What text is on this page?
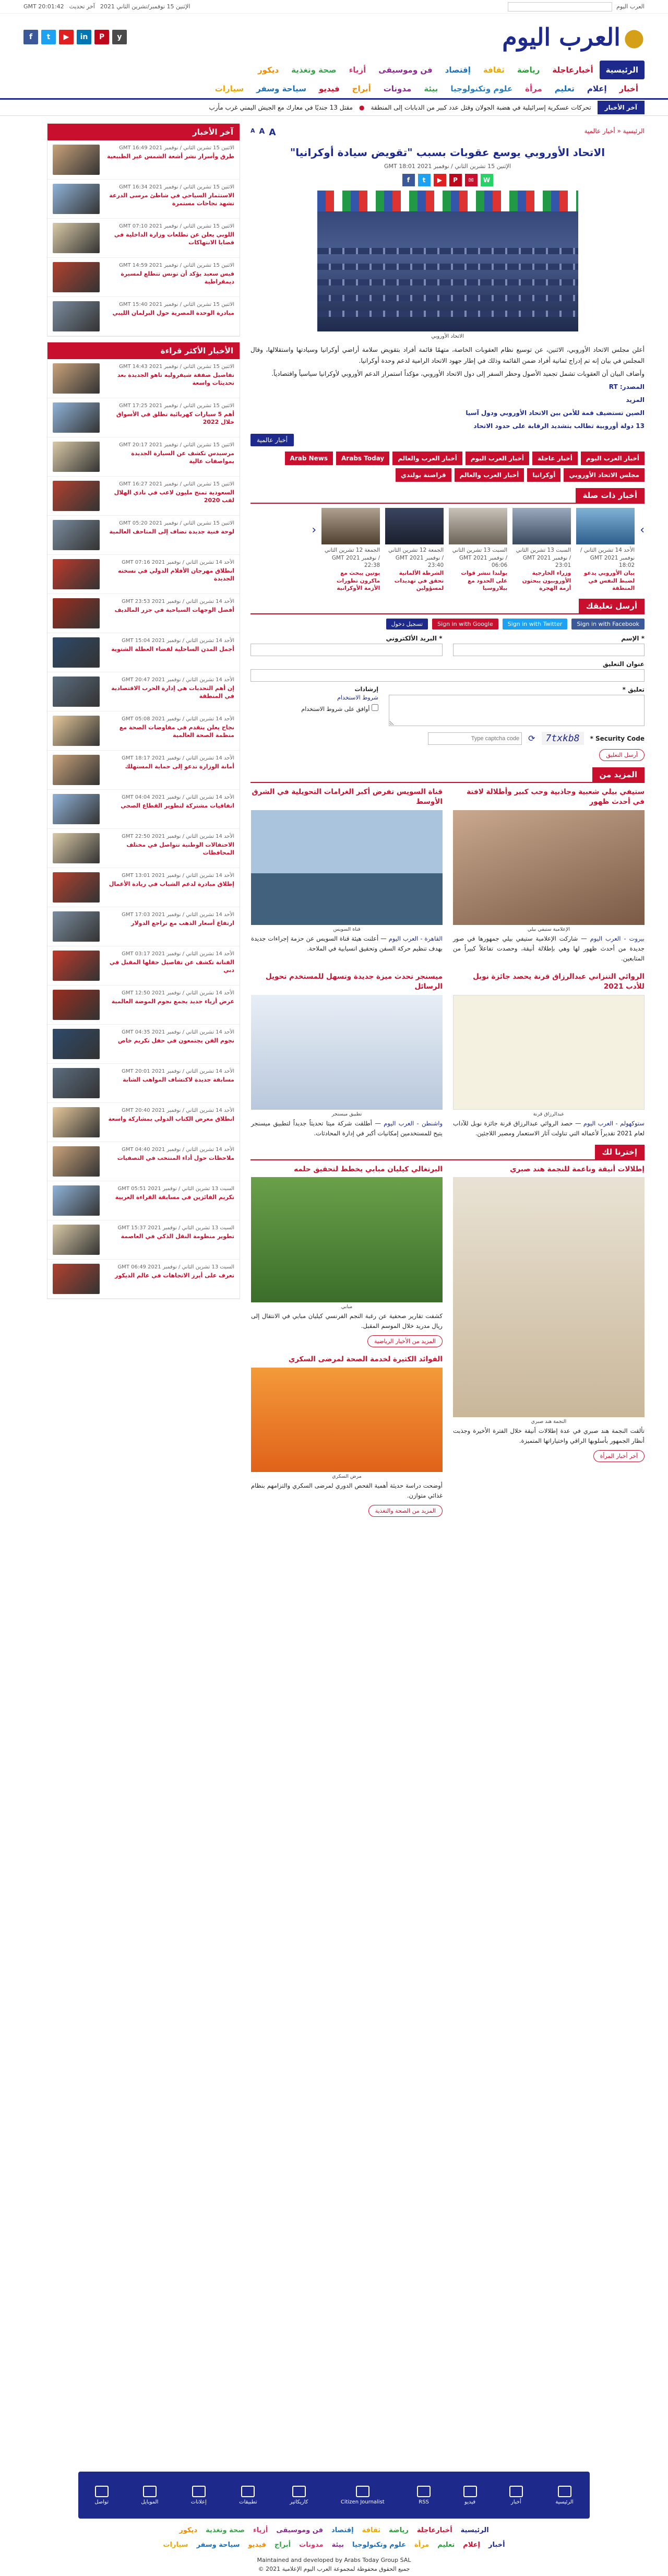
العرب اليوم
الإثنين 15 نوفمبر/تشرين الثاني 2021
آخر تحديث
GMT 20:01:42
●
العرب اليوم
f	t	▶	in	P	y
الرئيسية
أخبارعاجلة
رياضة
ثقافة
إقتصاد
فن وموسيقى
أزياء
صحة وتغذية
ديكور
أخبار
إعلام
تعليم
مرأة
علوم وتكنولوجيا
بيئة
مدونات
أبراج
فيديو
سياحة وسفر
سيارات
آخر الأخبار
تحركات عسكرية إسرائيلية في هضبة الجولان وقتل عدد كبير من الدبابات إلى المنطقة
●
مقتل 13 جنديًا في معارك مع الجيش اليمني غرب مأرب
الرئيسية « أخبار عالمية
A A A
الاتحاد الأوروبي يوسع عقوبات بسبب "تقويض سيادة أوكرانيا"
الإثنين 15 تشرين الثاني / نوفمبر 2021 GMT 18:01
W
✉
P
▶
t
f
الاتحاد الأوروبي

أعلن مجلس الاتحاد الأوروبي، الاثنين، عن توسيع نظام العقوبات الخاصة، متهمًا قائمة أفراد بتقويض سلامة أراضي أوكرانيا وسيادتها واستقلالها، وقال المجلس في بيان إنه تم إدراج ثمانية أفراد ضمن القائمة وذلك في إطار جهود الاتحاد الرامية لدعم وحدة أوكرانيا.

وأضاف البيان أن العقوبات تشمل تجميد الأصول وحظر السفر إلى دول الاتحاد الأوروبي، مؤكداً استمرار الدعم الأوروبي لأوكرانيا سياسياً واقتصادياً.

المصدر: RT

المزيد

الصين تستضيف قمة للأمن بين الاتحاد الأوروبي ودول آسيا

13 دولة أوروبية تطالب بتشديد الرقابة على حدود الاتحاد

أخبار عالمية
أخبار العرب اليوم
أخبار عاجلة
أخبار العرب اليوم
أخبار العرب والعالم
Arabs Today
Arab News
مجلس الاتحاد الأوروبي
أوكرانيا
أخبار العرب والعالم
قراصنة بولندي
أخبار ذات صلة
›
الأحد 14 تشرين الثاني / نوفمبر 2021 GMT 18:02
بيان الأوروبي يدعو لضبط النفس في المنطقة
السبت 13 تشرين الثاني / نوفمبر 2021 GMT 23:01
وزراء الخارجية الأوروبيون يبحثون أزمة الهجرة
السبت 13 تشرين الثاني / نوفمبر 2021 GMT 06:06
بولندا تنشر قوات على الحدود مع بيلاروسيا
الجمعة 12 تشرين الثاني / نوفمبر 2021 GMT 23:40
الشرطة الألمانية تحقق في تهديدات لمسؤولين
الجمعة 12 تشرين الثاني / نوفمبر 2021 GMT 22:38
بوتين يبحث مع ماكرون تطورات الأزمة الأوكرانية
‹
أرسل تعليقك
Sign in with Facebook
Sign in with Twitter
Sign in with Google
تسجيل دخول
* الإسم
* البريد الألكتروني
عنوان التعليق
تعليق *
إرشادات
شروط الاستخدام
أوافق على شروط الاستخدام
Security Code *
7txkb8
⟳
Type captcha code
أرسل التعليق
المزيد من
ستيفي بيلي شعبية وجاذبية وحب كبير وأطلالة لافتة في أحدث ظهور
الإعلامية ستيفي بيلي

بيروت - العرب اليوم — شاركت الإعلامية ستيفي بيلي جمهورها في صور جديدة من أحدث ظهور لها وهي بإطلالة أنيقة، وحصدت تفاعلاً كبيراً من المتابعين.

قناة السويس تفرض أكبر الغرامات التحويلية في الشرق الأوسط
قناة السويس

القاهرة - العرب اليوم — أعلنت هيئة قناة السويس عن حزمة إجراءات جديدة بهدف تنظيم حركة السفن وتحقيق انسيابية في الملاحة.

الروائي التنزاني عبدالرزاق قرنة يحصد جائزة نوبل للأدب 2021
عبدالرزاق قرنة

ستوكهولم - العرب اليوم — حصد الروائي عبدالرزاق قرنة جائزة نوبل للآداب لعام 2021 تقديراً لأعماله التي تناولت آثار الاستعمار ومصير اللاجئين.

ميسنجر تحدث ميزة جديدة وتسهل للمستخدم تحويل الرسائل
تطبيق ميسنجر

واشنطن - العرب اليوم — أطلقت شركة ميتا تحديثاً جديداً لتطبيق ميسنجر يتيح للمستخدمين إمكانيات أكبر في إدارة المحادثات.

إخترنا لك
إطلالات أنيقة وناعمة للنجمة هند صبري
النجمة هند صبري

تألقت النجمة هند صبري في عدة إطلالات أنيقة خلال الفترة الأخيرة وجذبت أنظار الجمهور بأسلوبها الراقي واختياراتها المتميزة.

آخر أخبار المرأة
البرتغالي كيليان مبابي يخطط لتحقيق حلمه
مبابي

كشفت تقارير صحفية عن رغبة النجم الفرنسي كيليان مبابي في الانتقال إلى ريال مدريد خلال الموسم المقبل.

المزيد من الأخبار الرياضية
الفوائد الكثيرة لخدمة الصحة لمرضى السكري
مرض السكري

أوضحت دراسة حديثة أهمية الفحص الدوري لمرضى السكري والتزامهم بنظام غذائي متوازن.

المزيد من الصحة والتغذية
آخر الأخبار
الاثنين 15 تشرين الثاني / نوفمبر 2021 GMT 16:49
طرق وأسرار نشر أشعة الشمس غير الطبيعية
الاثنين 15 تشرين الثاني / نوفمبر 2021 GMT 16:34
الاستثمار السياحي في شاطئ مرسى الدرعة تشهد نجاحات مستمرة
الاثنين 15 تشرين الثاني / نوفمبر 2021 GMT 07:10
اللوبي يعلن عن تطلعات وزارة الداخلية في قضايا الانتهاكات
الاثنين 15 تشرين الثاني / نوفمبر 2021 GMT 14:59
قيس سعيد يؤكد أن تونس تتطلع لمسيرة ديمقراطية
الاثنين 15 تشرين الثاني / نوفمبر 2021 GMT 15:40
مبادرة الوحدة المصرية حول البرلمان الليبي
الأخبار الأكثر قراءة
الاثنين 15 تشرين الثاني / نوفمبر 2021 GMT 14:43
تفاصيل صفقة شيفروليه تاهو الجديدة بعد تحديثات واسعة
الاثنين 15 تشرين الثاني / نوفمبر 2021 GMT 17:25
أهم 5 سيارات كهربائية تطلق في الأسواق خلال 2022
الاثنين 15 تشرين الثاني / نوفمبر 2021 GMT 20:17
مرسيدس تكشف عن السيارة الجديدة بمواصفات عالية
الاثنين 15 تشرين الثاني / نوفمبر 2021 GMT 16:27
السعودية تمنح مليون لاعب في نادي الهلال لقب 2020
الاثنين 15 تشرين الثاني / نوفمبر 2021 GMT 05:20
لوحة فنية جديدة تضاف إلى المتاحف العالمية
الأحد 14 تشرين الثاني / نوفمبر 2021 GMT 07:16
انطلاق مهرجان الأفلام الدولي في نسخته الجديدة
الأحد 14 تشرين الثاني / نوفمبر 2021 GMT 23:53
أفضل الوجهات السياحية في جزر المالديف
الأحد 14 تشرين الثاني / نوفمبر 2021 GMT 15:04
أجمل المدن الساحلية لقضاء العطلة الشتوية
الأحد 14 تشرين الثاني / نوفمبر 2021 GMT 20:47
إن أهم التحديات هي إدارة الحرب الاقتصادية في المنطقة
الأحد 14 تشرين الثاني / نوفمبر 2021 GMT 05:08
نجاح يعلن بتقدم في مفاوضات الصحة مع منظمة الصحة العالمية
الأحد 14 تشرين الثاني / نوفمبر 2021 GMT 18:17
أمانة الوزارة تدعو إلى حماية المستهلك
الأحد 14 تشرين الثاني / نوفمبر 2021 GMT 04:04
اتفاقيات مشتركة لتطوير القطاع الصحي
الأحد 14 تشرين الثاني / نوفمبر 2021 GMT 22:50
الاحتفالات الوطنية تتواصل في مختلف المحافظات
الأحد 14 تشرين الثاني / نوفمبر 2021 GMT 13:01
إطلاق مبادرة لدعم الشباب في ريادة الأعمال
الأحد 14 تشرين الثاني / نوفمبر 2021 GMT 17:03
ارتفاع أسعار الذهب مع تراجع الدولار
الأحد 14 تشرين الثاني / نوفمبر 2021 GMT 03:17
الفنانة تكشف عن تفاصيل حفلها المقبل في دبي
الأحد 14 تشرين الثاني / نوفمبر 2021 GMT 12:50
عرض أزياء جديد يجمع نجوم الموضة العالمية
الأحد 14 تشرين الثاني / نوفمبر 2021 GMT 04:35
نجوم الفن يجتمعون في حفل تكريم خاص
الأحد 14 تشرين الثاني / نوفمبر 2021 GMT 20:01
مسابقة جديدة لاكتشاف المواهب الشابة
الأحد 14 تشرين الثاني / نوفمبر 2021 GMT 20:40
انطلاق معرض الكتاب الدولي بمشاركة واسعة
الأحد 14 تشرين الثاني / نوفمبر 2021 GMT 04:40
ملاحظات حول أداء المنتخب في التصفيات
السبت 13 تشرين الثاني / نوفمبر 2021 GMT 05:51
تكريم الفائزين في مسابقة القراءة العربية
السبت 13 تشرين الثاني / نوفمبر 2021 GMT 15:37
تطوير منظومة النقل الذكي في العاصمة
السبت 13 تشرين الثاني / نوفمبر 2021 GMT 06:49
تعرف على أبرز الاتجاهات في عالم الديكور
الرئيسية
أخبار
فيديو
RSS
Citizen Journalist
كاريكاتير
تطبيقات
إعلانات
الموبايل
تواصل
الرئيسية
أخبارعاجلة
رياضة
ثقافة
إقتصاد
فن وموسيقى
أزياء
صحة وتغذية
ديكور
أخبار
إعلام
تعليم
مرأة
علوم وتكنولوجيا
بيئة
مدونات
أبراج
فيديو
سياحة وسفر
سيارات
Maintained and developed by Arabs Today Group SAL
جميع الحقوق محفوظة لمجموعة العرب اليوم الإعلامية 2021 ©
